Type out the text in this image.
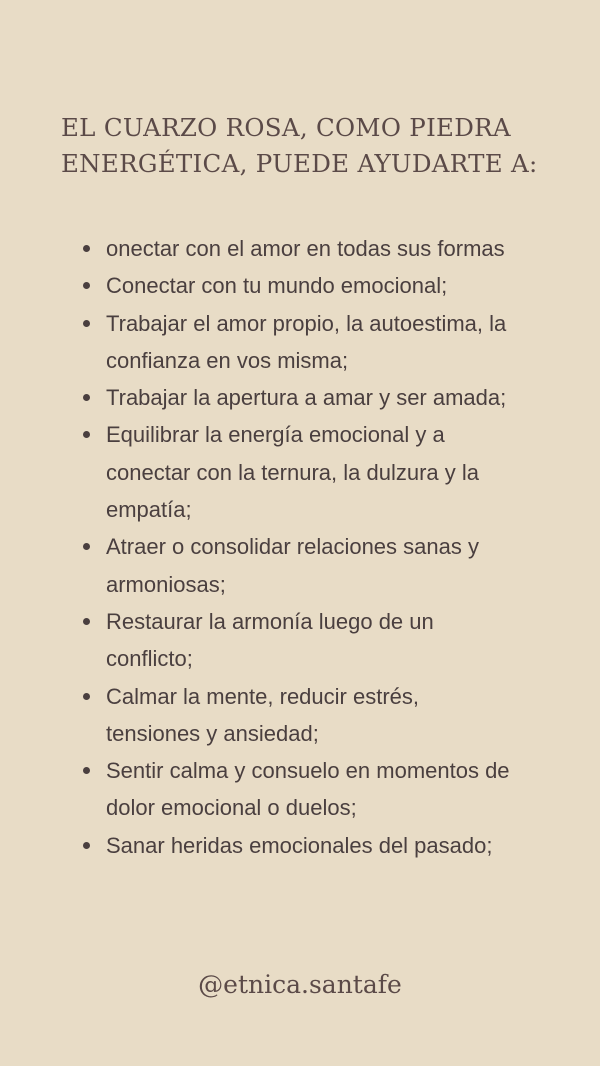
EL CUARZO ROSA, COMO PIEDRA
ENERGÉTICA, PUEDE AYUDARTE A:
onectar con el amor en todas sus formas
Conectar con tu mundo emocional;
Trabajar el amor propio, la autoestima, la
confianza en vos misma;
Trabajar la apertura a amar y ser amada;
Equilibrar la energía emocional y a
conectar con la ternura, la dulzura y la
empatía;
Atraer o consolidar relaciones sanas y
armoniosas;
Restaurar la armonía luego de un
conflicto;
Calmar la mente, reducir estrés,
tensiones y ansiedad;
Sentir calma y consuelo en momentos de
dolor emocional o duelos;
Sanar heridas emocionales del pasado;
@etnica.santafe
